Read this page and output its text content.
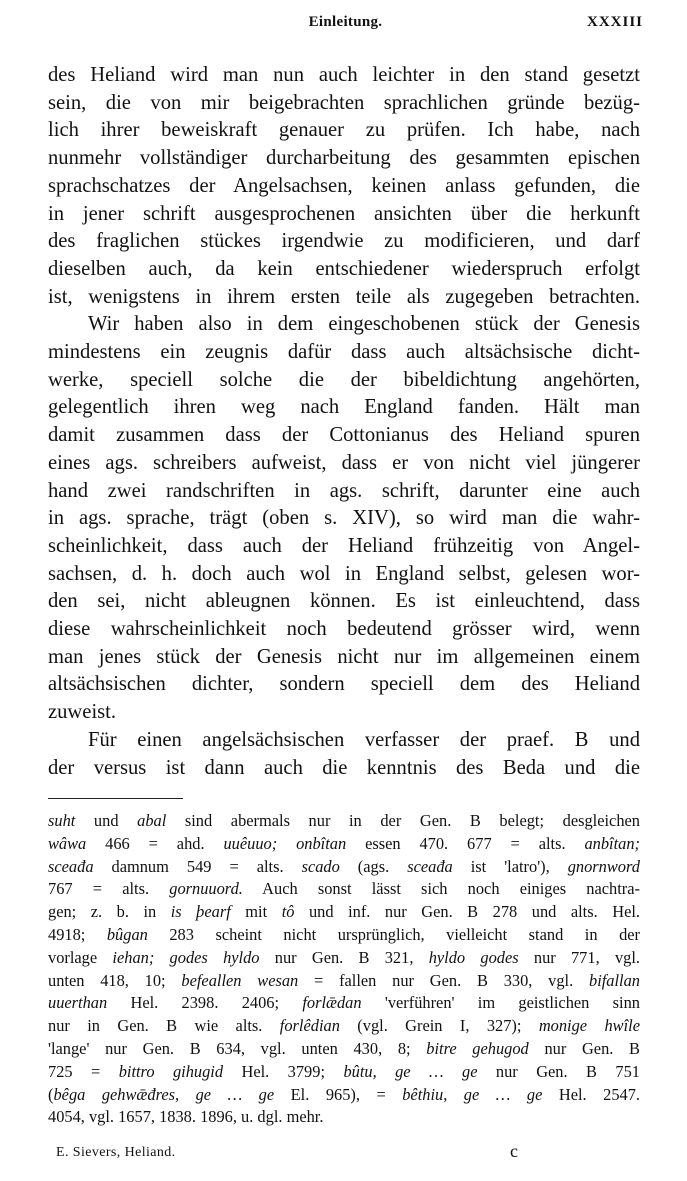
Einleitung.	XXXIII
des Heliand wird man nun auch leichter in den stand gesetzt
sein, die von mir beigebrachten sprachlichen gründe bezüg-
lich ihrer beweiskraft genauer zu prüfen. Ich habe, nach
nunmehr vollständiger durcharbeitung des gesammten epischen
sprachschatzes der Angelsachsen, keinen anlass gefunden, die
in jener schrift ausgesprochenen ansichten über die herkunft
des fraglichen stückes irgendwie zu modificieren, und darf
dieselben auch, da kein entschiedener wiederspruch erfolgt
ist, wenigstens in ihrem ersten teile als zugegeben betrachten.
Wir haben also in dem eingeschobenen stück der Genesis
mindestens ein zeugnis dafür dass auch altsächsische dicht-
werke, speciell solche die der bibeldichtung angehörten,
gelegentlich ihren weg nach England fanden. Hält man
damit zusammen dass der Cottonianus des Heliand spuren
eines ags. schreibers aufweist, dass er von nicht viel jüngerer
hand zwei randschriften in ags. schrift, darunter eine auch
in ags. sprache, trägt (oben s. XIV), so wird man die wahr-
scheinlichkeit, dass auch der Heliand frühzeitig von Angel-
sachsen, d. h. doch auch wol in England selbst, gelesen wor-
den sei, nicht ableugnen können. Es ist einleuchtend, dass
diese wahrscheinlichkeit noch bedeutend grösser wird, wenn
man jenes stück der Genesis nicht nur im allgemeinen einem
altsächsischen dichter, sondern speciell dem des Heliand
zuweist.
Für einen angelsächsischen verfasser der praef. B und
der versus ist dann auch die kenntnis des Beda und die
suht und abal sind abermals nur in der Gen. B belegt; desgleichen
wâwa 466 = ahd. uuêuuo; onbîtan essen 470. 677 = alts. anbîtan;
sceađa damnum 549 = alts. scado (ags. sceađa ist 'latro'), gnornword
767 = alts. gornuuord. Auch sonst lässt sich noch einiges nachtra-
gen; z. b. in is þearf mit tô und inf. nur Gen. B 278 und alts. Hel.
4918; bûgan 283 scheint nicht ursprünglich, vielleicht stand in der
vorlage iehan; godes hyldo nur Gen. B 321, hyldo godes nur 771, vgl.
unten 418, 10; befeallen wesan = fallen nur Gen. B 330, vgl. bifallan
uuerthan Hel. 2398. 2406; forlǣdan 'verführen' im geistlichen sinn
nur in Gen. B wie alts. forlêdian (vgl. Grein I, 327); monige hwîle
'lange' nur Gen. B 634, vgl. unten 430, 8; bitre gehugod nur Gen. B
725 = bittro gihugid Hel. 3799; bûtu, ge … ge nur Gen. B 751
(bêga gehwǣđres, ge … ge El. 965), = bêthiu, ge … ge Hel. 2547.
4054, vgl. 1657, 1838. 1896, u. dgl. mehr.
E. Sievers, Heliand.	c
